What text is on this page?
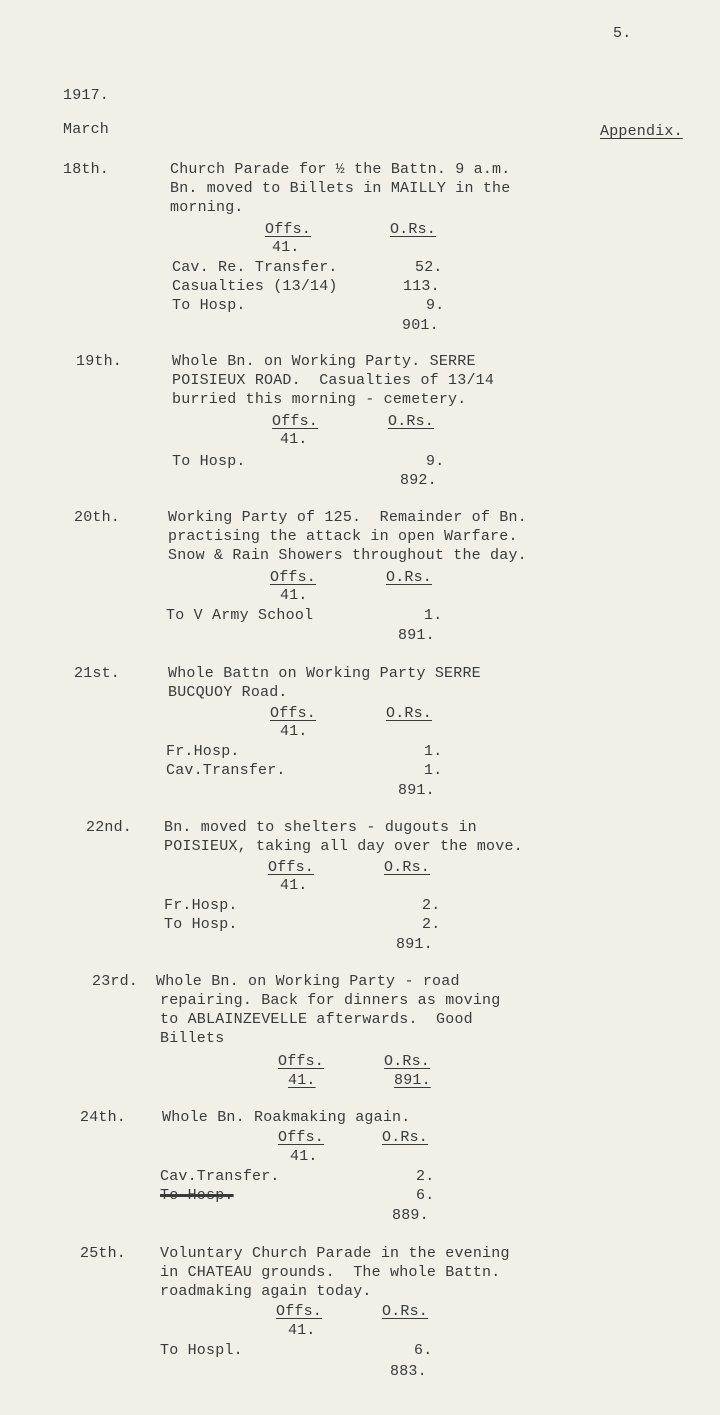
5.
1917.
March	Appendix.
18th.	Church Parade for ½ the Battn. 9 a.m.
Bn. moved to Billets in MAILLY in the
morning.
Offs.	O.Rs.
41.
Cav. Re. Transfer.	52.
Casualties (13/14)	113.
To Hosp.	9.
901.
19th.	Whole Bn. on Working Party. SERRE
POISIEUX ROAD.  Casualties of 13/14
burried this morning - cemetery.
Offs.	O.Rs.
41.
To Hosp.	9.
892.
20th.	Working Party of 125.  Remainder of Bn.
practising the attack in open Warfare.
Snow & Rain Showers throughout the day.
Offs.	O.Rs.
41.
To V Army School	1.
891.
21st.	Whole Battn on Working Party SERRE
BUCQUOY Road.
Offs.	O.Rs.
41.
Fr.Hosp.	1.
Cav.Transfer.	1.
891.
22nd. Bn. moved to shelters - dugouts in
POISIEUX, taking all day over the move.
Offs.	O.Rs.
41.
Fr.Hosp.	2.
To Hosp.	2.
891.
23rd. Whole Bn. on Working Party - road
repairing. Back for dinners as moving
to ABLAINZEVELLE afterwards.  Good
Billets
Offs.	O.Rs.
41.	891.
24th. Whole Bn. Roakmaking again.
Offs.	O.Rs.
41.
Cav.Transfer.	2.
To Hosp.	6.
889.
25th. Voluntary Church Parade in the evening
in CHATEAU grounds.  The whole Battn.
roadmaking again today.
Offs.	O.Rs.
41.
To Hospl.	6.
883.
